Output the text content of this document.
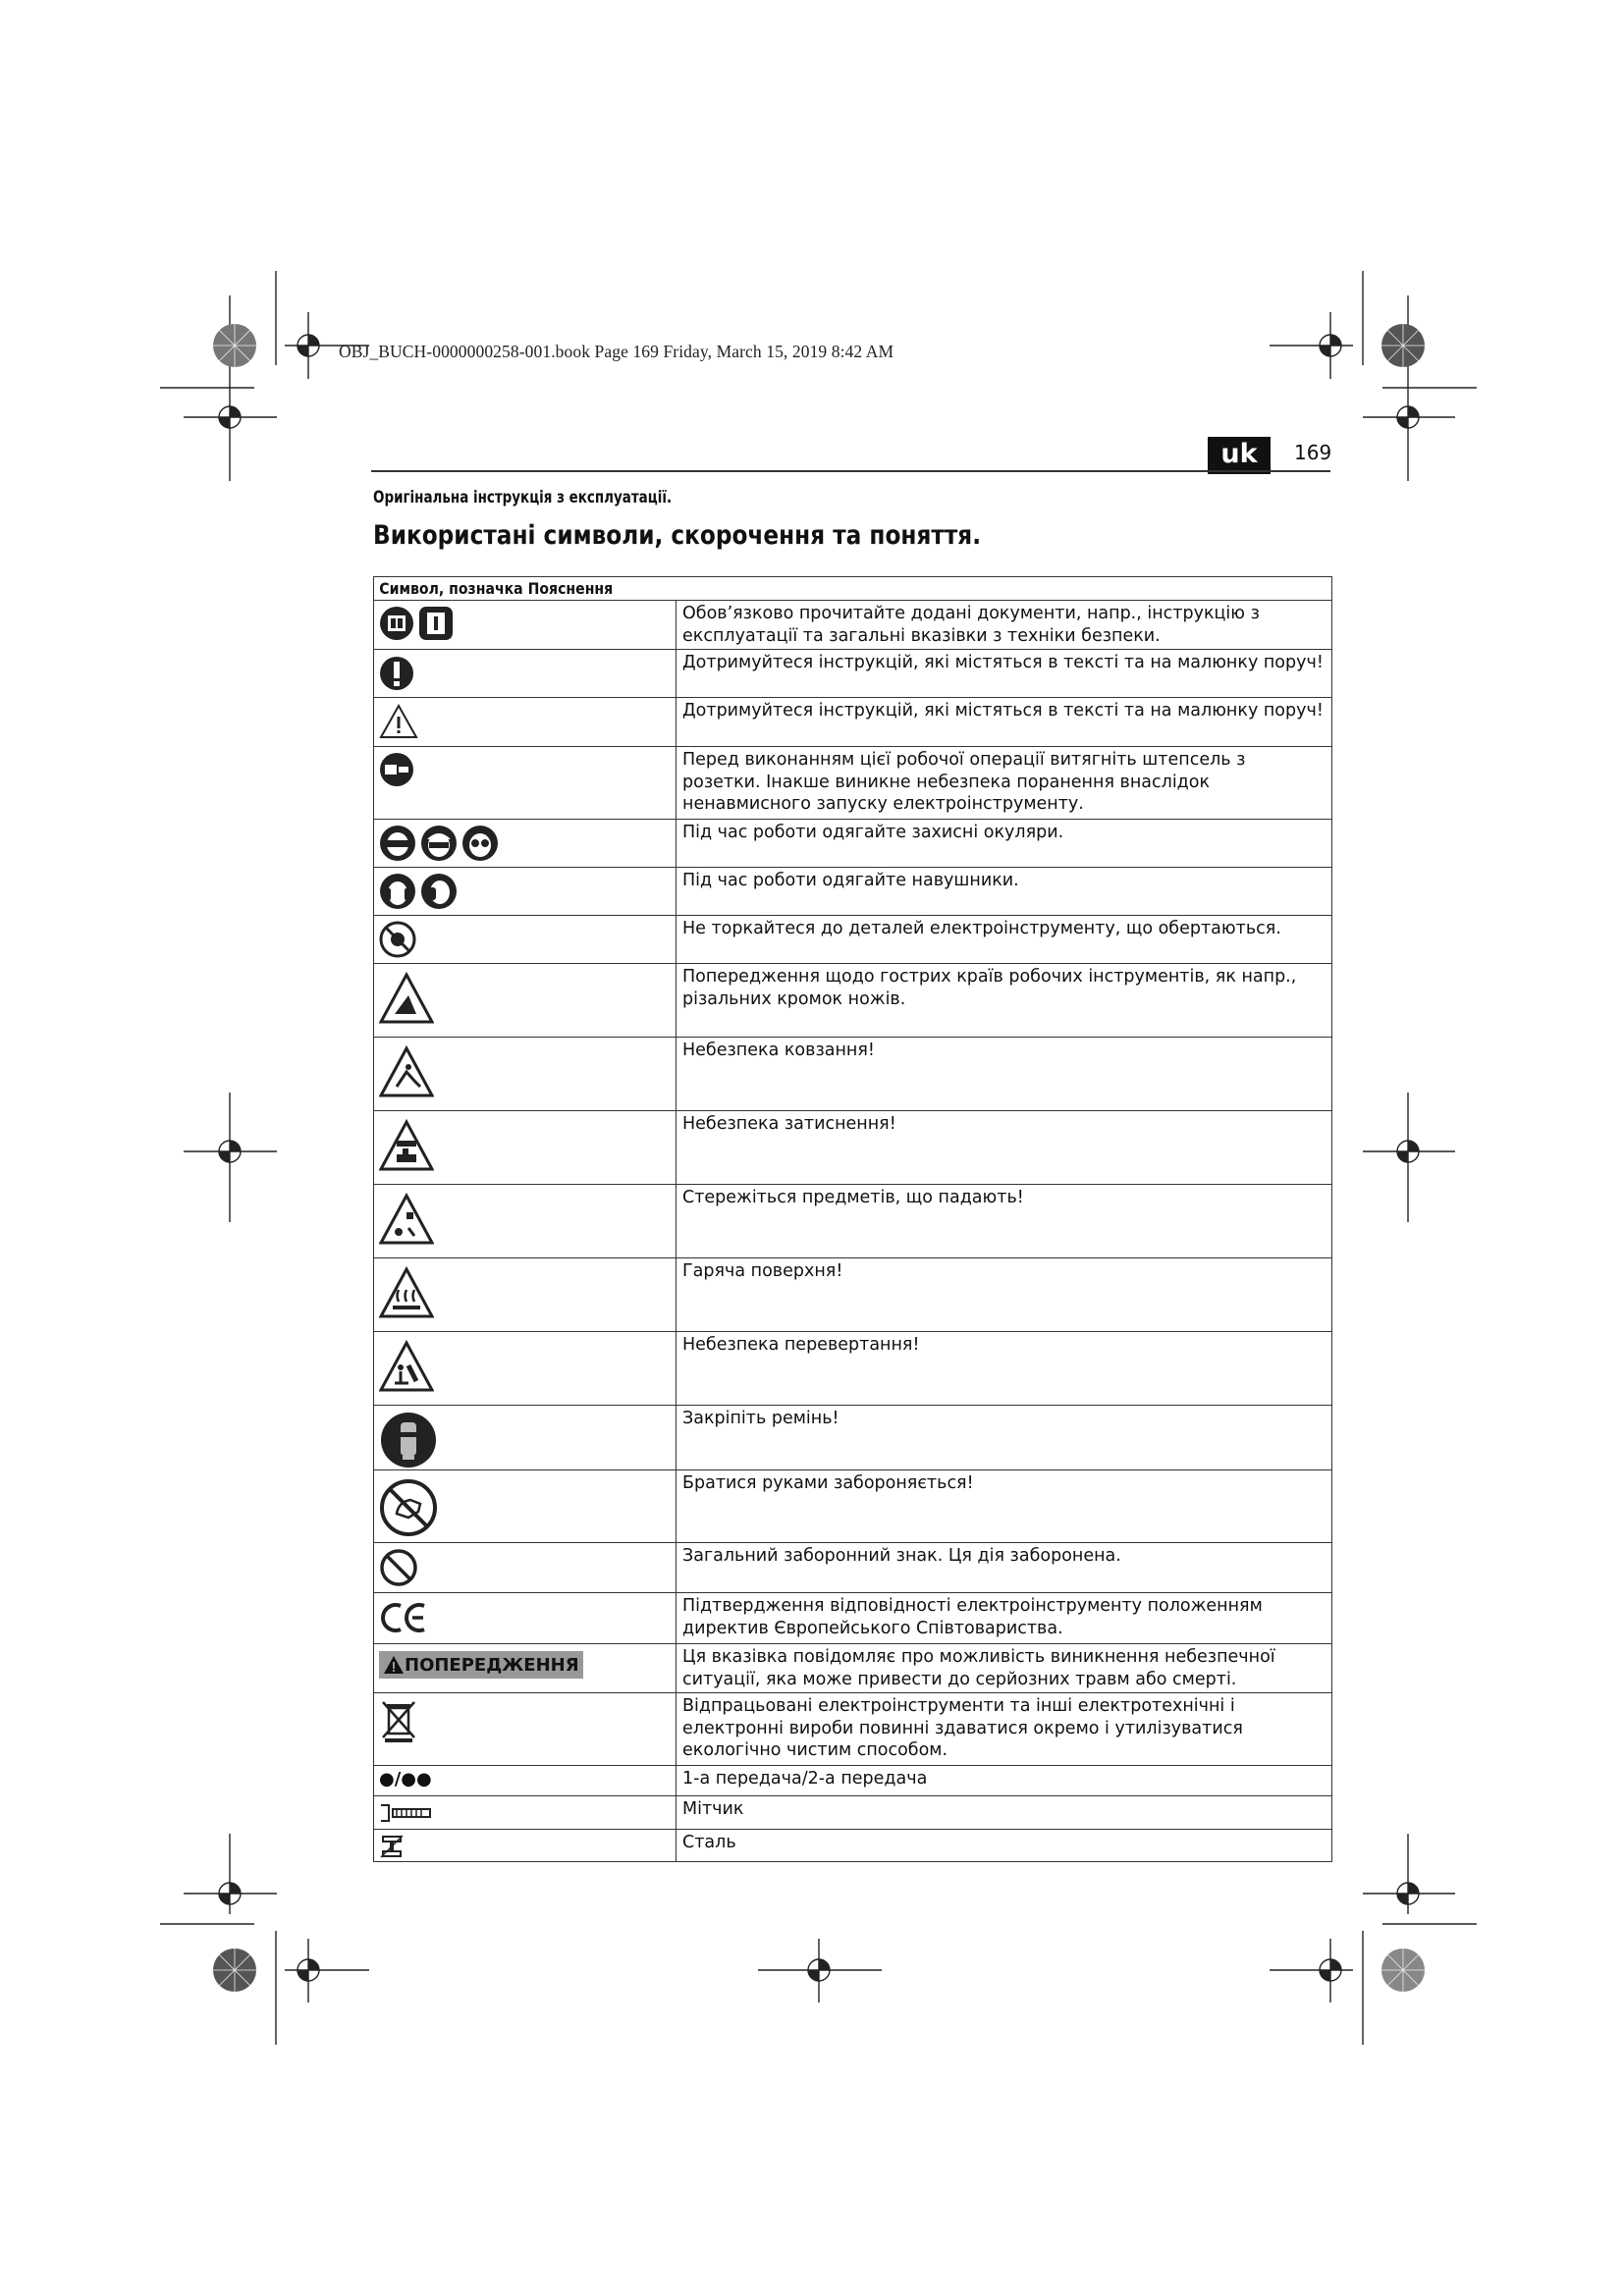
OBJ_BUCH-0000000258-001.book Page 169 Friday, March 15, 2019 8:42 AM
uk	169
Оригінальна інструкція з експлуатації.
Використані символи, скорочення та поняття.
Символ, позначка Пояснення	

	Обов’язково прочитайте додані документи, напр., інструкцію з експлуатації та загальні вказівки з техніки безпеки.

	Дотримуйтеся інструкцій, які містяться в тексті та на малюнку поруч!

	Дотримуйтеся інструкцій, які містяться в тексті та на малюнку поруч!

	Перед виконанням цієї робочої операції витягніть штепсель з розетки. Інакше виникне небезпека поранення внаслідок ненавмисного запуску електроінструменту.

	Під час роботи одягайте захисні окуляри.

	Під час роботи одягайте навушники.

	Не торкайтеся до деталей електроінструменту, що обертаються.

	Попередження щодо гострих країв робочих інструментів, як напр., різальних кромок ножів.

	Небезпека ковзання!

	Небезпека затиснення!

	Стережіться предметів, що падають!

	Гаряча поверхня!

	Небезпека перевертання!

	Закріпіть ремінь!

	Братися руками забороняється!

	Загальний заборонний знак. Ця дія заборонена.

	Підтвердження відповідності електроінструменту положенням директив Європейського Співтовариства.

ПОПЕРЕДЖЕННЯ	Ця вказівка повідомляє про можливість виникнення небезпечної ситуації, яка може привести до серйозних травм або смерті.

	Відпрацьовані електроінструменти та інші електротехнічні і електронні вироби повинні здаватися окремо і утилізуватися екологічно чистим способом.

●/●●	1-а передача/2-а передача

	Мітчик

	Сталь
